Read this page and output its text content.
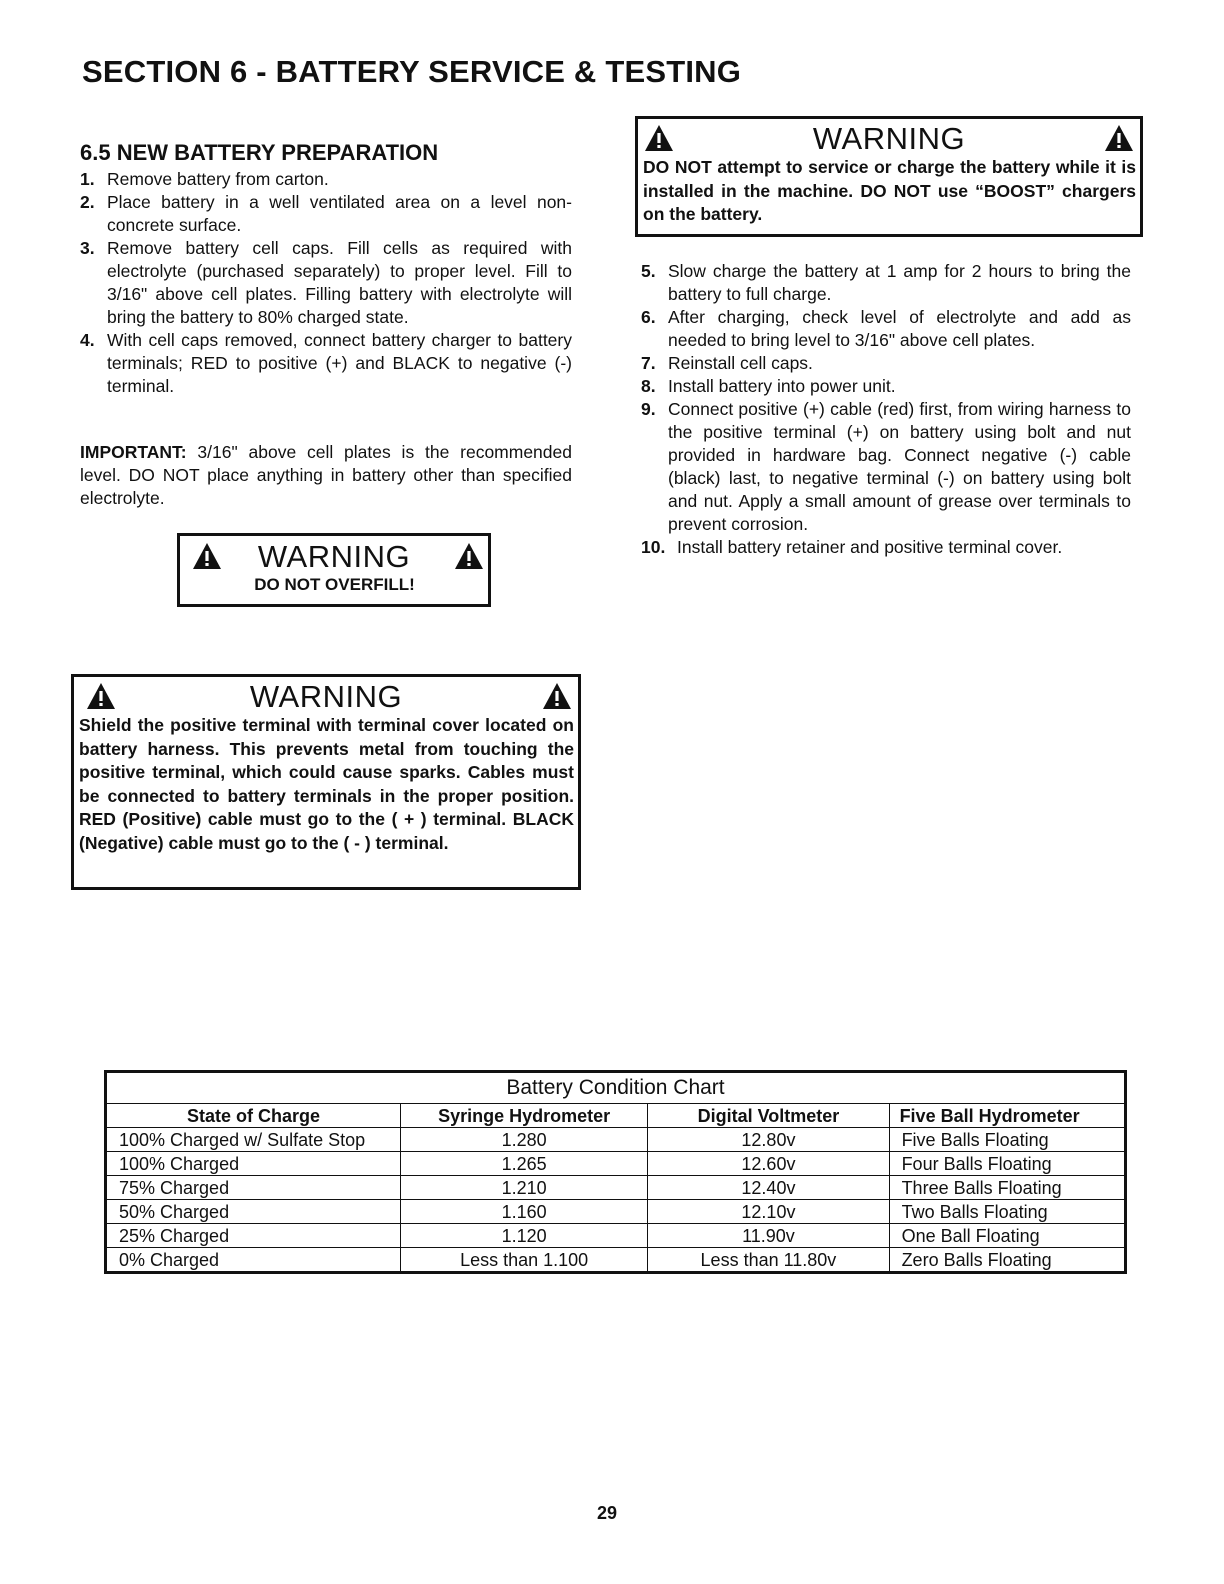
SECTION 6 - BATTERY SERVICE & TESTING
6.5 NEW BATTERY PREPARATION
1. Remove battery from carton.
2. Place battery in a well ventilated area on a level non-concrete surface.
3. Remove battery cell caps. Fill cells as required with electrolyte (purchased separately) to proper level. Fill to 3/16" above cell plates. Filling battery with electrolyte will bring the battery to 80% charged state.
4. With cell caps removed, connect battery charger to battery terminals; RED to positive (+) and BLACK to negative (-) terminal.

IMPORTANT: 3/16" above cell plates is the recommended level. DO NOT place anything in battery other than specified electrolyte.

WARNING
DO NOT attempt to service or charge the battery while it is installed in the machine. DO NOT use “BOOST” chargers on the battery.
5. Slow charge the battery at 1 amp for 2 hours to bring the battery to full charge.
6. After charging, check level of electrolyte and add as needed to bring level to 3/16" above cell plates.
7. Reinstall cell caps.
8. Install battery into power unit.
9. Connect positive (+) cable (red) first, from wiring harness to the positive terminal (+) on battery using bolt and nut provided in hardware bag. Connect negative (-) cable (black) last, to negative terminal (-) on battery using bolt and nut. Apply a small amount of grease over terminals to prevent corrosion.
10. Install battery retainer and positive terminal cover.
WARNING
DO NOT OVERFILL!
WARNING
Shield the positive terminal with terminal cover located on battery harness. This prevents metal from touching the positive terminal, which could cause sparks. Cables must be connected to battery terminals in the proper position. RED (Positive) cable must go to the ( + ) terminal. BLACK (Negative) cable must go to the ( - ) terminal.
Battery Condition Chart			
State of Charge	Syringe Hydrometer	Digital Voltmeter	Five Ball Hydrometer
100% Charged w/ Sulfate Stop	1.280	12.80v	Five Balls Floating
100% Charged	1.265	12.60v	Four Balls Floating
75% Charged	1.210	12.40v	Three Balls Floating
50% Charged	1.160	12.10v	Two Balls Floating
25% Charged	1.120	11.90v	One Ball Floating
0% Charged	Less than 1.100	Less than 11.80v	Zero Balls Floating
29
